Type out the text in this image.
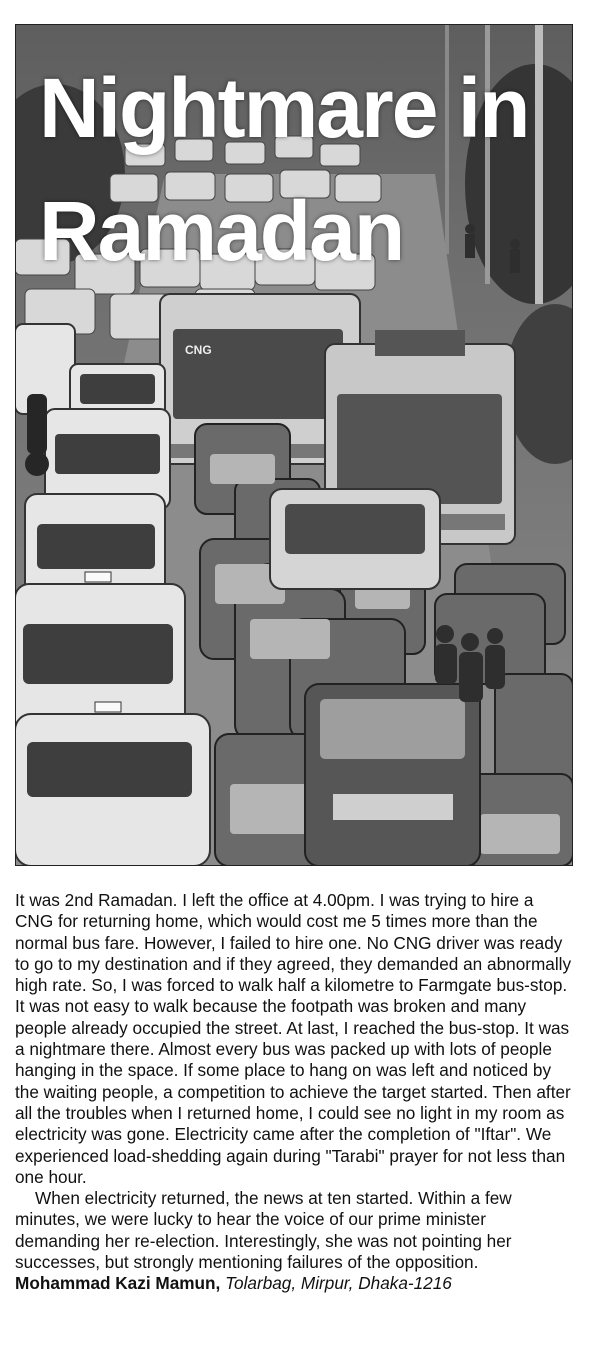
CNG
Nightmare in
Ramadan

It was 2nd Ramadan. I left the office at 4.00pm. I was trying to hire a CNG for returning home, which would cost me 5 times more than the normal bus fare. However, I failed to hire one. No CNG driver was ready to go to my destination and if they agreed, they demanded an abnormally high rate. So, I was forced to walk half a kilometre to Farmgate bus-stop. It was not easy to walk because the footpath was broken and many people already occupied the street. At last, I reached the bus-stop. It was a nightmare there. Almost every bus was packed up with lots of people hanging in the space. If some place to hang on was left and noticed by the waiting people, a competition to achieve the target started. Then after all the troubles when I returned home, I could see no light in my room as electricity was gone. Electricity came after the completion of "Iftar". We experienced load-shedding again during "Tarabi" prayer for not less than one hour.

When electricity returned, the news at ten started. Within a few minutes, we were lucky to hear the voice of our prime minister demanding her re-election. Interestingly, she was not pointing her successes, but strongly mentioning failures of the opposition.

Mohammad Kazi Mamun, Tolarbag, Mirpur, Dhaka-1216
